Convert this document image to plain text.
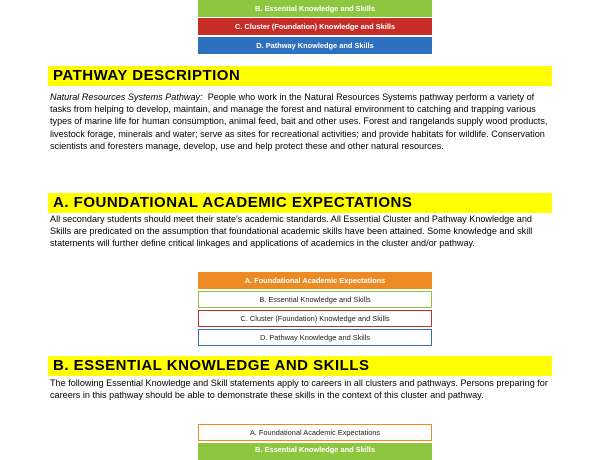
B. Essential Knowledge and Skills
C. Cluster (Foundation) Knowledge and Skills
D. Pathway Knowledge and Skills
PATHWAY DESCRIPTION

Natural Resources Systems Pathway: People who work in the Natural Resources Systems pathway perform a variety of tasks from helping to develop, maintain, and manage the forest and natural environment to catching and trapping various types of marine life for human consumption, animal feed, bait and other uses. Forest and rangelands supply wood products, livestock forage, minerals and water; serve as sites for recreational activities; and provide habitats for wildlife. Conservation scientists and foresters manage, develop, use and help protect these and other natural resources.

A. FOUNDATIONAL ACADEMIC EXPECTATIONS

All secondary students should meet their state's academic standards. All Essential Cluster and Pathway Knowledge and Skills are predicated on the assumption that foundational academic skills have been attained. Some knowledge and skill statements will further define critical linkages and applications of academics in the cluster and/or pathway.

A. Foundational Academic Expectations
B. Essential Knowledge and Skills
C. Cluster (Foundation) Knowledge and Skills
D. Pathway Knowledge and Skills
B. ESSENTIAL KNOWLEDGE AND SKILLS

The following Essential Knowledge and Skill statements apply to careers in all clusters and pathways. Persons preparing for careers in this pathway should be able to demonstrate these skills in the context of this cluster and pathway.

A. Foundational Academic Expectations
B. Essential Knowledge and Skills
